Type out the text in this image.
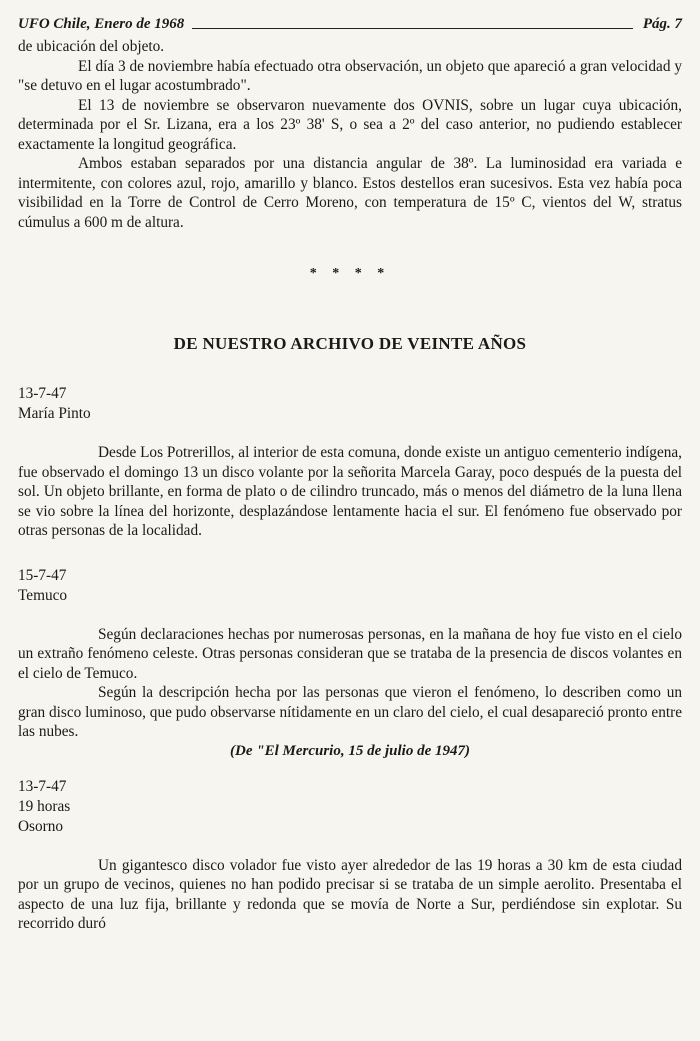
UFO Chile, Enero de 1968	Pág. 7

de ubicación del objeto.

El día 3 de noviembre había efectuado otra observación, un objeto que apareció a gran velocidad y "se detuvo en el lugar acostumbrado".

El 13 de noviembre se observaron nuevamente dos OVNIS, sobre un lugar cuya ubicación, determinada por el Sr. Lizana, era a los 23º 38' S, o sea a 2º del caso anterior, no pudiendo establecer exactamente la longitud geográfica.

Ambos estaban separados por una distancia angular de 38º. La luminosidad era variada e intermitente, con colores azul, rojo, amarillo y blanco. Estos destellos eran sucesivos. Esta vez había poca visibilidad en la Torre de Control de Cerro Moreno, con temperatura de 15º C, vientos del W, stratus cúmulus a 600 m de altura.

* * * *
DE NUESTRO ARCHIVO DE VEINTE AÑOS
13-7-47
María Pinto

Desde Los Potrerillos, al interior de esta comuna, donde existe un antiguo cementerio indígena, fue observado el domingo 13 un disco volante por la señorita Marcela Garay, poco después de la puesta del sol. Un objeto brillante, en forma de plato o de cilindro truncado, más o menos del diámetro de la luna llena se vio sobre la línea del horizonte, desplazándose lentamente hacia el sur. El fenómeno fue observado por otras personas de la localidad.

15-7-47
Temuco

Según declaraciones hechas por numerosas personas, en la mañana de hoy fue visto en el cielo un extraño fenómeno celeste. Otras personas consideran que se trataba de la presencia de discos volantes en el cielo de Temuco.

Según la descripción hecha por las personas que vieron el fenómeno, lo describen como un gran disco luminoso, que pudo observarse nítidamente en un claro del cielo, el cual desapareció pronto entre las nubes.

(De "El Mercurio, 15 de julio de 1947)
13-7-47
19 horas
Osorno

Un gigantesco disco volador fue visto ayer alrededor de las 19 horas a 30 km de esta ciudad por un grupo de vecinos, quienes no han podido precisar si se trataba de un simple aerolito. Presentaba el aspecto de una luz fija, brillante y redonda que se movía de Norte a Sur, perdiéndose sin explotar. Su recorrido duró
